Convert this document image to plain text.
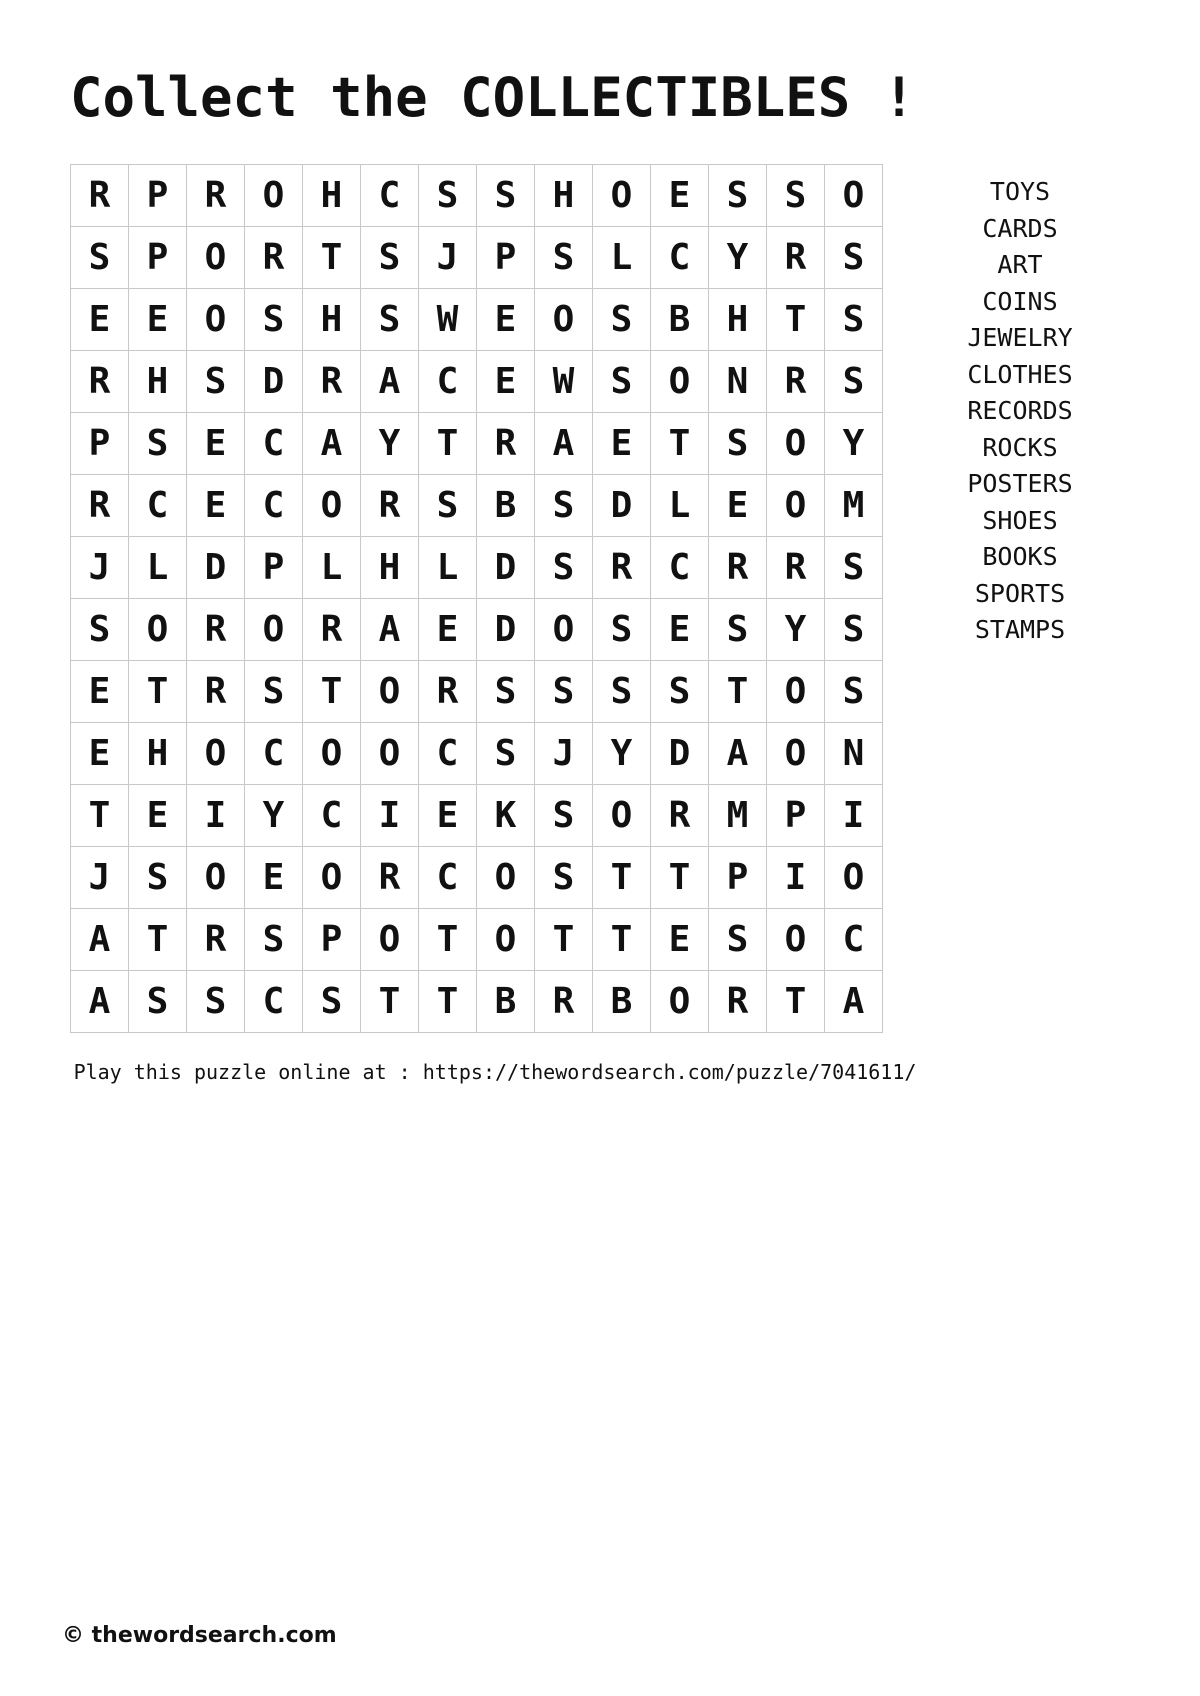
Collect the COLLECTIBLES !
R	P	R	O	H	C	S	S	H	O	E	S	S	O
S	P	O	R	T	S	J	P	S	L	C	Y	R	S
E	E	O	S	H	S	W	E	O	S	B	H	T	S
R	H	S	D	R	A	C	E	W	S	O	N	R	S
P	S	E	C	A	Y	T	R	A	E	T	S	O	Y
R	C	E	C	O	R	S	B	S	D	L	E	O	M
J	L	D	P	L	H	L	D	S	R	C	R	R	S
S	O	R	O	R	A	E	D	O	S	E	S	Y	S
E	T	R	S	T	O	R	S	S	S	S	T	O	S
E	H	O	C	O	O	C	S	J	Y	D	A	O	N
T	E	I	Y	C	I	E	K	S	O	R	M	P	I
J	S	O	E	O	R	C	O	S	T	T	P	I	O
A	T	R	S	P	O	T	O	T	T	E	S	O	C
A	S	S	C	S	T	T	B	R	B	O	R	T	A
TOYS
CARDS
ART
COINS
JEWELRY
CLOTHES
RECORDS
ROCKS
POSTERS
SHOES
BOOKS
SPORTS
STAMPS
Play this puzzle online at : https://thewordsearch.com/puzzle/7041611/
© thewordsearch.com
